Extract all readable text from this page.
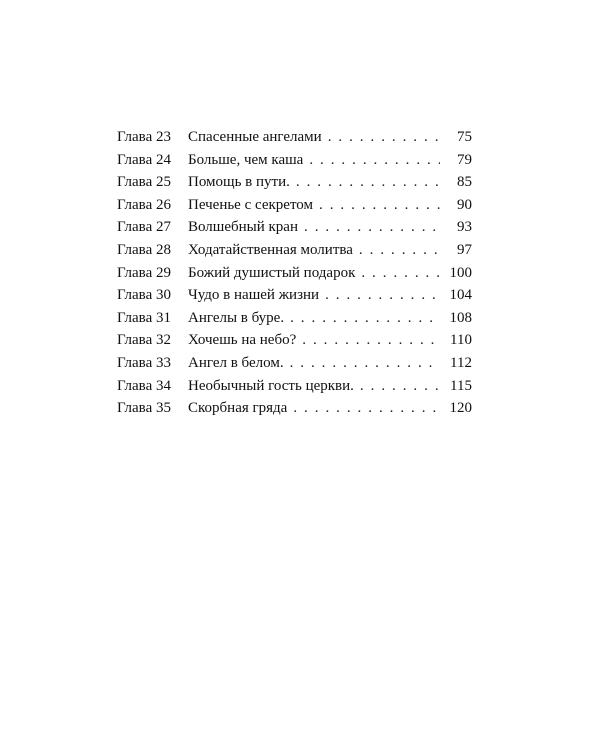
Глава 23	Спасенные ангелами . . .	75
Глава 24	Больше, чем каша . . .	79
Глава 25	Помощь в пути. . . .	85
Глава 26	Печенье с секретом . . .	90
Глава 27	Волшебный кран . . .	93
Глава 28	Ходатайственная молитва . . .	97
Глава 29	Божий душистый подарок . . .	100
Глава 30	Чудо в нашей жизни . . .	104
Глава 31	Ангелы в буре. . . .	108
Глава 32	Хочешь на небо? . . .	110
Глава 33	Ангел в белом. . . .	112
Глава 34	Необычный гость церкви. . . .	115
Глава 35	Скорбная гряда . . .	120
